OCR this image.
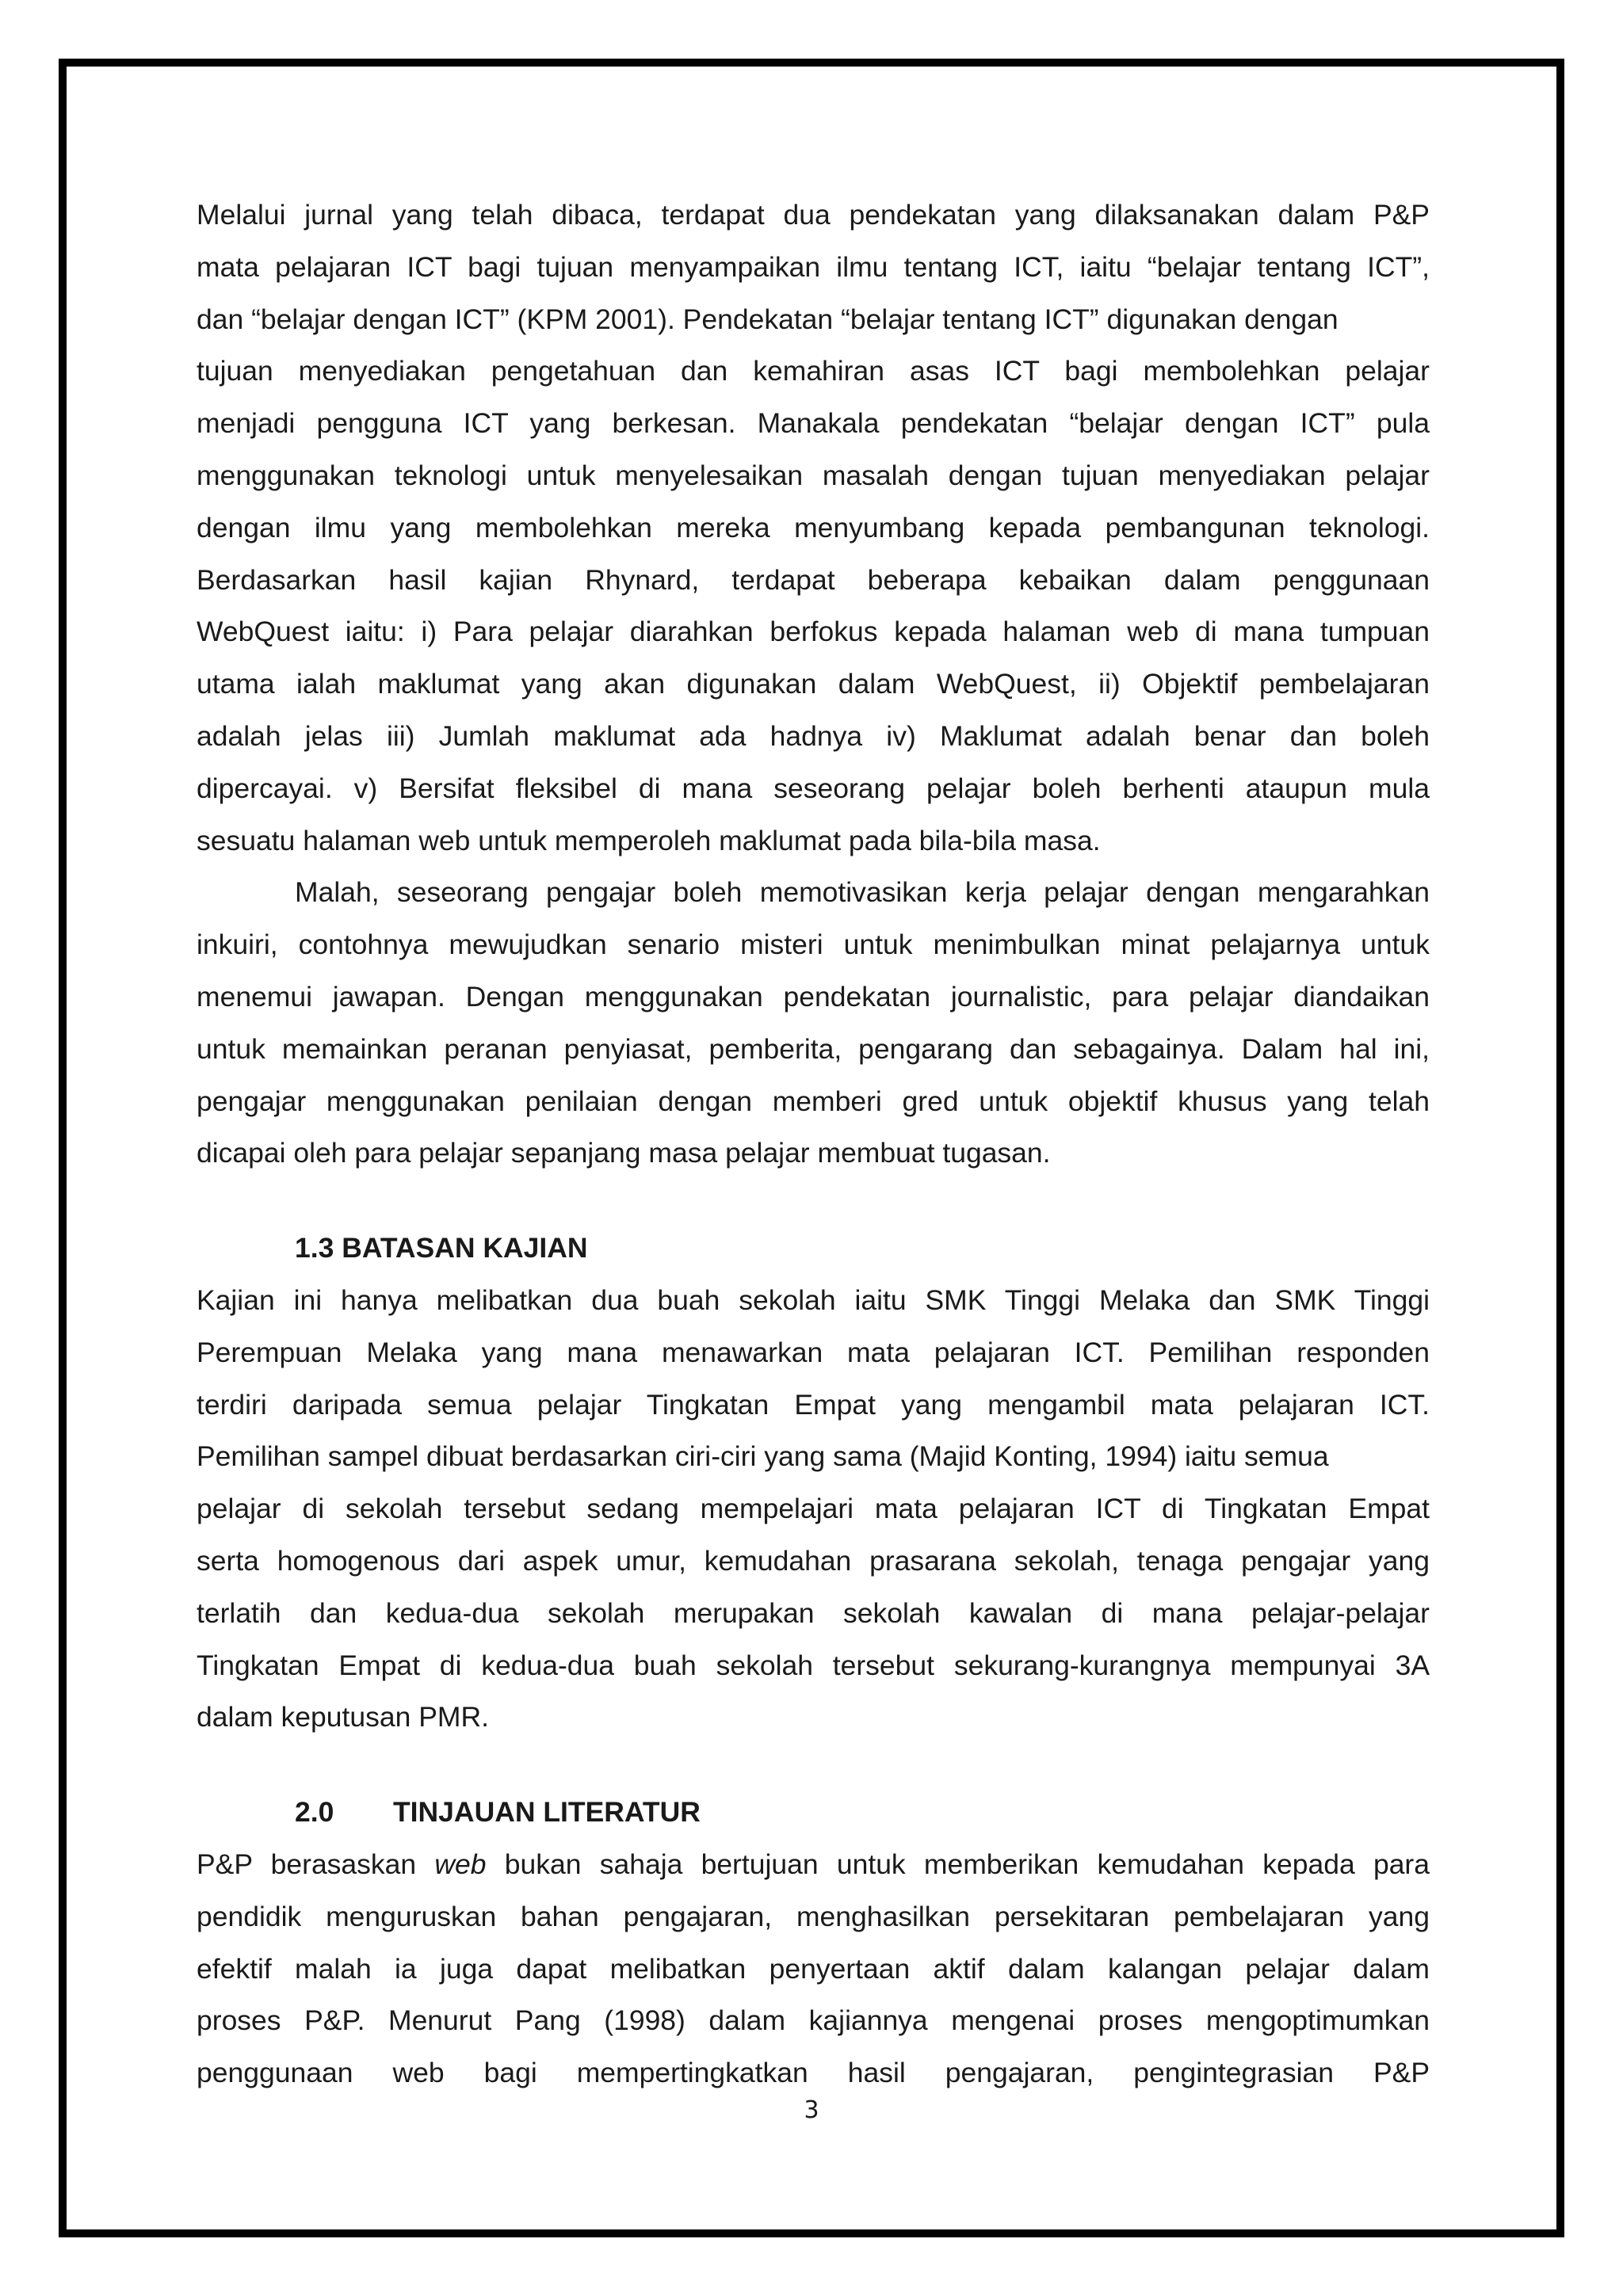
Melalui jurnal yang telah dibaca, terdapat dua pendekatan yang dilaksanakan dalam P&P
mata pelajaran ICT bagi tujuan menyampaikan ilmu tentang ICT, iaitu “belajar tentang ICT”,
dan “belajar dengan ICT” (KPM 2001). Pendekatan “belajar tentang ICT” digunakan dengan
tujuan menyediakan pengetahuan dan kemahiran asas ICT bagi membolehkan pelajar
menjadi pengguna ICT yang berkesan. Manakala pendekatan “belajar dengan ICT” pula
menggunakan teknologi untuk menyelesaikan masalah dengan tujuan menyediakan pelajar
dengan ilmu yang membolehkan mereka menyumbang kepada pembangunan teknologi.
Berdasarkan hasil kajian Rhynard, terdapat beberapa kebaikan dalam penggunaan
WebQuest iaitu: i) Para pelajar diarahkan berfokus kepada halaman web di mana tumpuan
utama ialah maklumat yang akan digunakan dalam WebQuest, ii) Objektif pembelajaran
adalah jelas iii) Jumlah maklumat ada hadnya iv) Maklumat adalah benar dan boleh
dipercayai. v) Bersifat fleksibel di mana seseorang pelajar boleh berhenti ataupun mula
sesuatu halaman web untuk memperoleh maklumat pada bila-bila masa.
Malah, seseorang pengajar boleh memotivasikan kerja pelajar dengan mengarahkan
inkuiri, contohnya mewujudkan senario misteri untuk menimbulkan minat pelajarnya untuk
menemui jawapan. Dengan menggunakan pendekatan journalistic, para pelajar diandaikan
untuk memainkan peranan penyiasat, pemberita, pengarang dan sebagainya. Dalam hal ini,
pengajar menggunakan penilaian dengan memberi gred untuk objektif khusus yang telah
dicapai oleh para pelajar sepanjang masa pelajar membuat tugasan.
1.3 BATASAN KAJIAN
Kajian ini hanya melibatkan dua buah sekolah iaitu SMK Tinggi Melaka dan SMK Tinggi
Perempuan Melaka yang mana menawarkan mata pelajaran ICT. Pemilihan responden
terdiri daripada semua pelajar Tingkatan Empat yang mengambil mata pelajaran ICT.
Pemilihan sampel dibuat berdasarkan ciri-ciri yang sama (Majid Konting, 1994) iaitu semua
pelajar di sekolah tersebut sedang mempelajari mata pelajaran ICT di Tingkatan Empat
serta homogenous dari aspek umur, kemudahan prasarana sekolah, tenaga pengajar yang
terlatih dan kedua-dua sekolah merupakan sekolah kawalan di mana pelajar-pelajar
Tingkatan Empat di kedua-dua buah sekolah tersebut sekurang-kurangnya mempunyai 3A
dalam keputusan PMR.
2.0 TINJAUAN LITERATUR
P&P berasaskan web bukan sahaja bertujuan untuk memberikan kemudahan kepada para
pendidik menguruskan bahan pengajaran, menghasilkan persekitaran pembelajaran yang
efektif malah ia juga dapat melibatkan penyertaan aktif dalam kalangan pelajar dalam
proses P&P. Menurut Pang (1998) dalam kajiannya mengenai proses mengoptimumkan
penggunaan web bagi mempertingkatkan hasil pengajaran, pengintegrasian P&P
3
